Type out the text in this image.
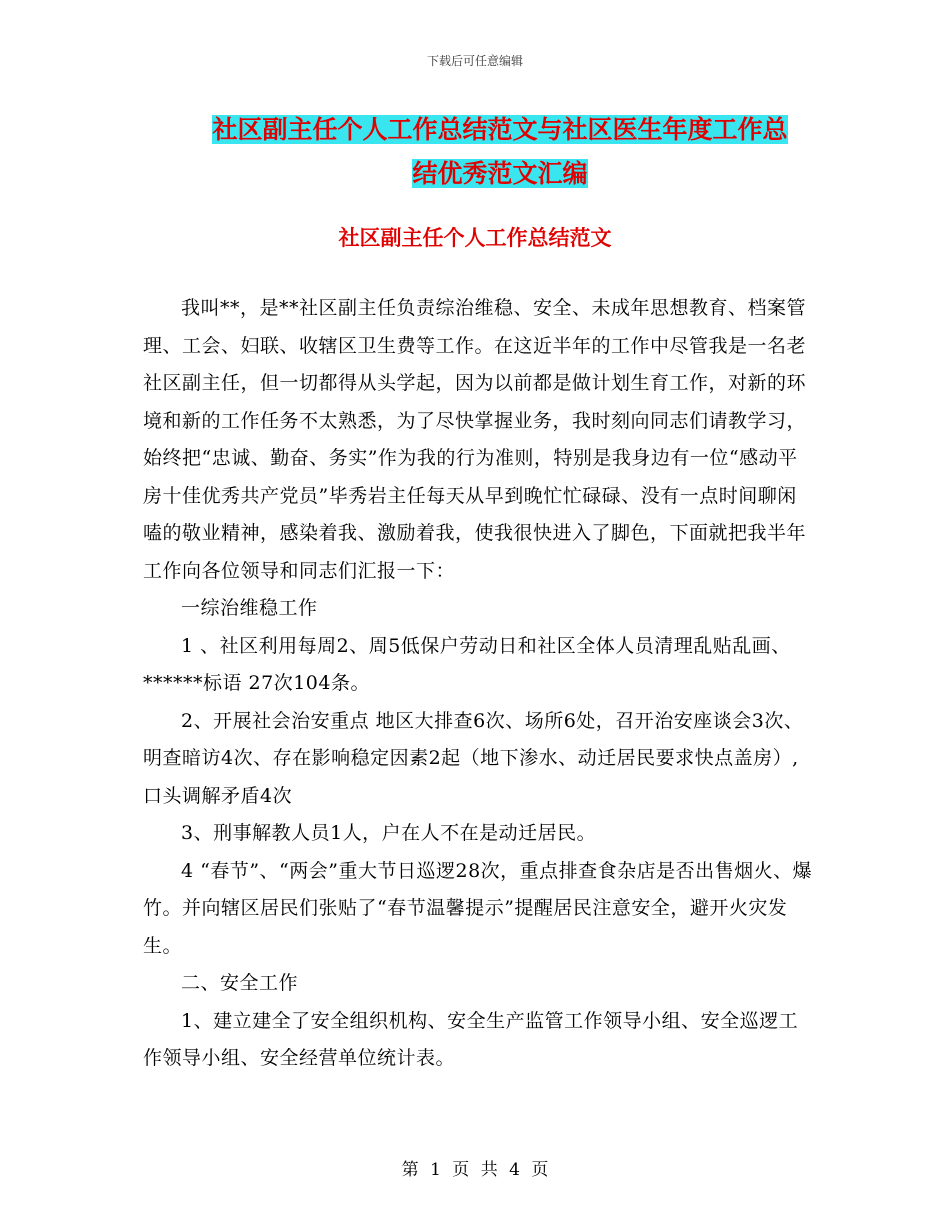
下载后可任意编辑
社区副主任个人工作总结范文与社区医生年度工作总
结优秀范文汇编
社区副主任个人工作总结范文

我叫**，是**社区副主任负责综治维稳、安全、未成年思想教育、档案管理、工会、妇联、收辖区卫生费等工作。在这近半年的工作中尽管我是一名老社区副主任，但一切都得从头学起，因为以前都是做计划生育工作，对新的环境和新的工作任务不太熟悉，为了尽快掌握业务，我时刻向同志们请教学习，始终把“忠诚、勤奋、务实”作为我的行为准则，特别是我身边有一位“感动平房十佳优秀共产党员”毕秀岩主任每天从早到晚忙忙碌碌、没有一点时间聊闲嗑的敬业精神，感染着我、激励着我，使我很快进入了脚色，下面就把我半年工作向各位领导和同志们汇报一下：

一综治维稳工作

1 、社区利用每周2、周5低保户劳动日和社区全体人员清理乱贴乱画、******标语 27次104条。

2、开展社会治安重点 地区大排查6次、场所6处，召开治安座谈会3次、明查暗访4次、存在影响稳定因素2起（地下渗水、动迁居民要求快点盖房）,口头调解矛盾4次

3、刑事解教人员1人，户在人不在是动迁居民。

4 “春节”、“两会”重大节日巡逻28次，重点排查食杂店是否出售烟火、爆竹。并向辖区居民们张贴了“春节温馨提示”提醒居民注意安全，避开火灾发生。

二、安全工作

1、建立建全了安全组织机构、安全生产监管工作领导小组、安全巡逻工作领导小组、安全经营单位统计表。

第 1 页 共 4 页
